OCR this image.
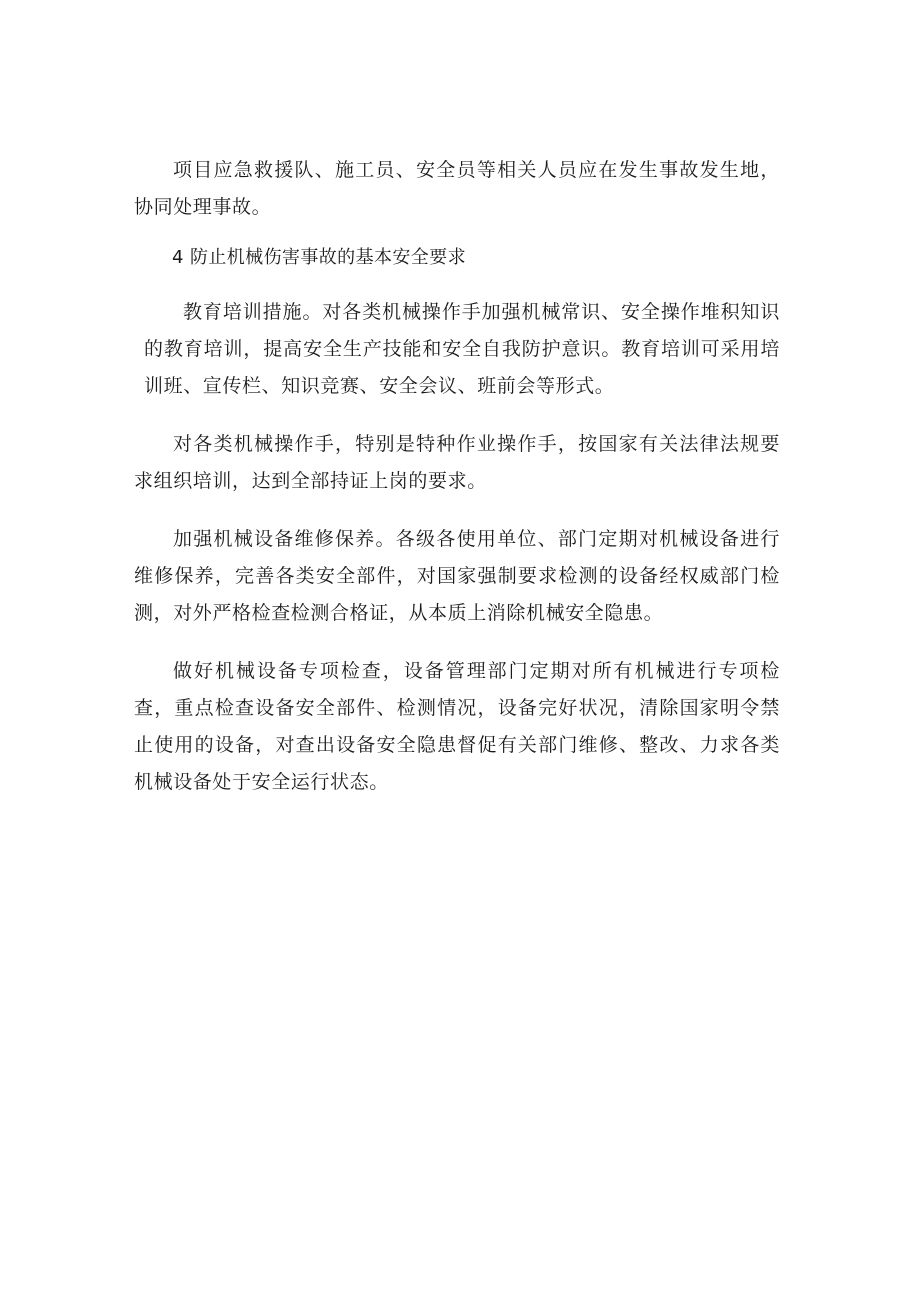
项目应急救援队、施工员、安全员等相关人员应在发生事故发生地，协同处理事故。

4 防止机械伤害事故的基本安全要求

教育培训措施。对各类机械操作手加强机械常识、安全操作堆积知识的教育培训，提高安全生产技能和安全自我防护意识。教育培训可采用培训班、宣传栏、知识竞赛、安全会议、班前会等形式。

对各类机械操作手，特别是特种作业操作手，按国家有关法律法规要求组织培训，达到全部持证上岗的要求。

加强机械设备维修保养。各级各使用单位、部门定期对机械设备进行维修保养，完善各类安全部件，对国家强制要求检测的设备经权威部门检测，对外严格检查检测合格证，从本质上消除机械安全隐患。

做好机械设备专项检查，设备管理部门定期对所有机械进行专项检查，重点检查设备安全部件、检测情况，设备完好状况，清除国家明令禁止使用的设备，对查出设备安全隐患督促有关部门维修、整改、力求各类机械设备处于安全运行状态。
